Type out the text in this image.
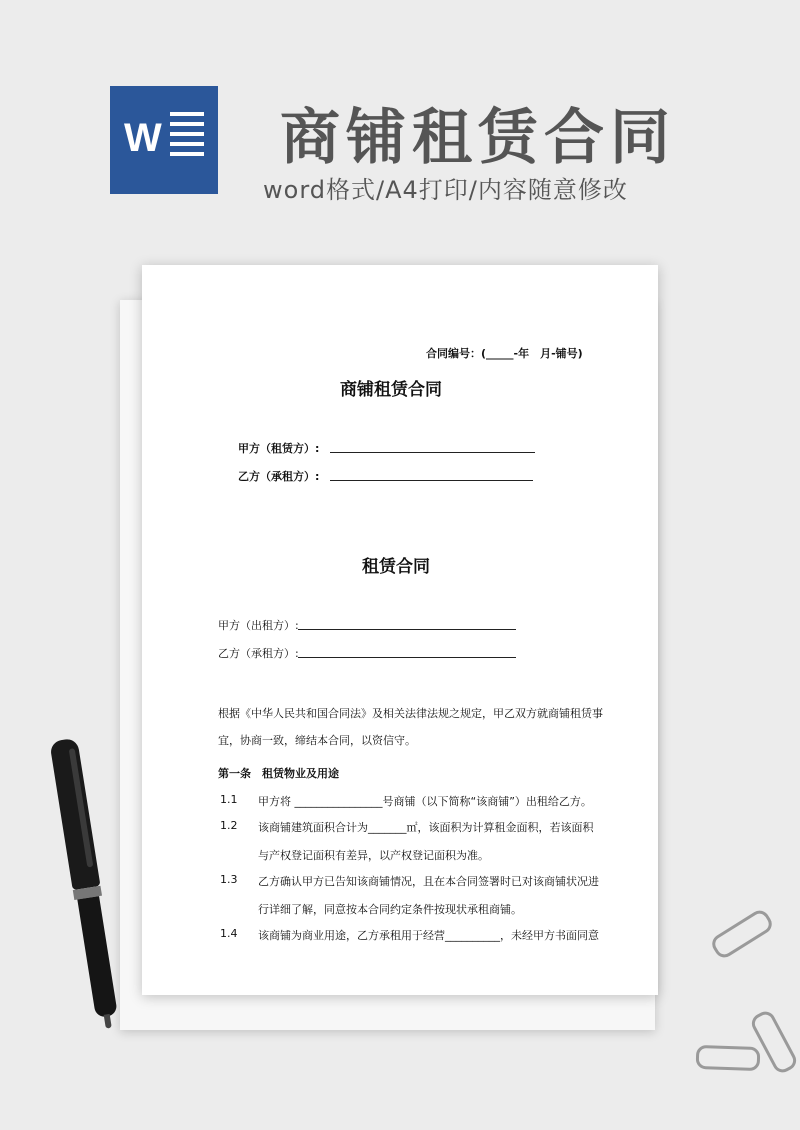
W 商铺租赁合同
word格式/A4打印/内容随意修改
合同编号：(_____-年　月-铺号)
商铺租赁合同
甲方（租赁方）:
乙方（承租方）:
租赁合同
甲方（出租方）:
乙方（承租方）:
根据《中华人民共和国合同法》及相关法律法规之规定，甲乙双方就商铺租赁事
宜，协商一致，缔结本合同，以资信守。
第一条　租赁物业及用途
1.1 甲方将 ________________号商铺（以下简称“该商铺”）出租给乙方。
1.2 该商铺建筑面积合计为_______㎡，该面积为计算租金面积，若该面积
与产权登记面积有差异，以产权登记面积为准。
1.3 乙方确认甲方已告知该商铺情况，且在本合同签署时已对该商铺状况进
行详细了解，同意按本合同约定条件按现状承租商铺。
1.4 该商铺为商业用途，乙方承租用于经营__________，未经甲方书面同意
